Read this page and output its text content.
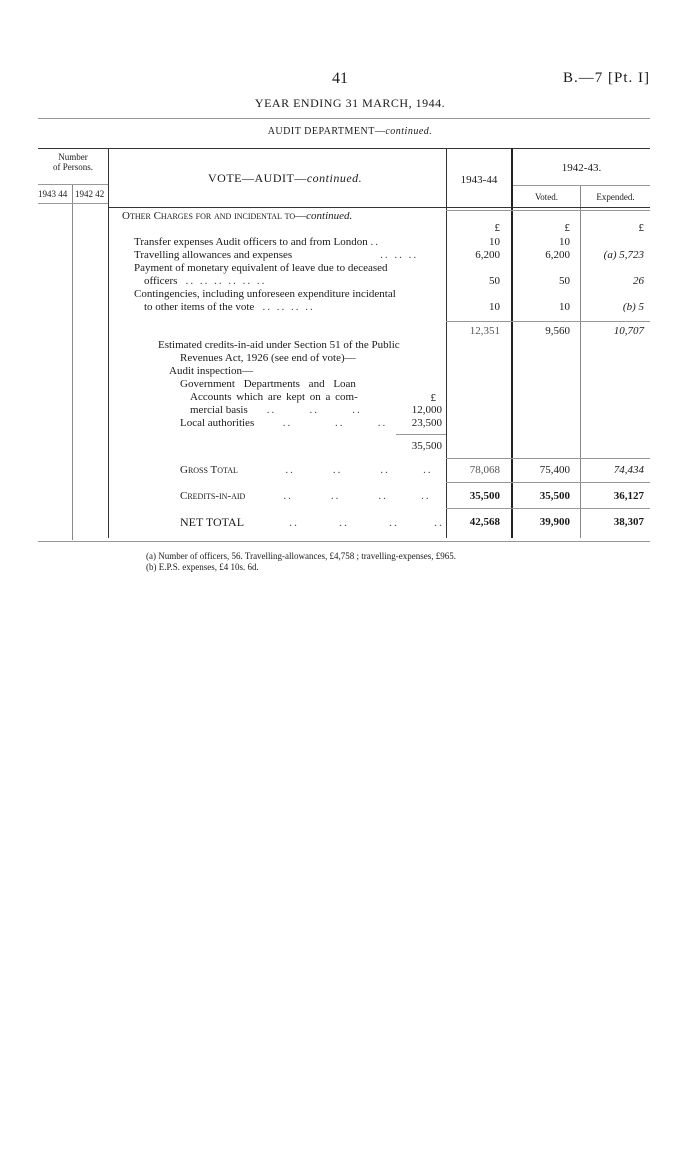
41	B.—7 [Pt. I]
YEAR ENDING 31 MARCH, 1944.
AUDIT DEPARTMENT—continued.
Number
of Persons.
1943 44 1942 42
VOTE—AUDIT—continued.	1943-44
1942-43.
Voted.	Expended.
Other Charges for and incidental to—continued.
£	£	£
Transfer expenses Audit officers to and from London ..	10	10
Travelling allowances and expenses	.. .. ..	6,200	6,200	(a) 5,723
Payment of monetary equivalent of leave due to deceased
officers .. .. .. .. .. ..	50	50	26
Contingencies, including unforeseen expenditure incidental
to other items of the vote .. .. .. ..	10	10	(b) 5
12,351	9,560	10,707
Estimated credits-in-aid under Section 51 of the Public
Revenues Act, 1926 (see end of vote)—
Audit inspection—
Government Departments and Loan
Accounts which are kept on a com-	£
mercial basis    ..       ..       ..	12,000
Local authorities      ..         ..       ..	23,500
35,500
Gross Total          ..        ..        ..       ..	78,068	75,400	74,434
Credits-in-aid        ..        ..        ..       ..	35,500	35,500	36,127
NET TOTAL         ..        ..        ..       ..	42,568	39,900	38,307
(a) Number of officers, 56. Travelling-allowances, £4,758 ; travelling-expenses, £965.
(b) E.P.S. expenses, £4 10s. 6d.
